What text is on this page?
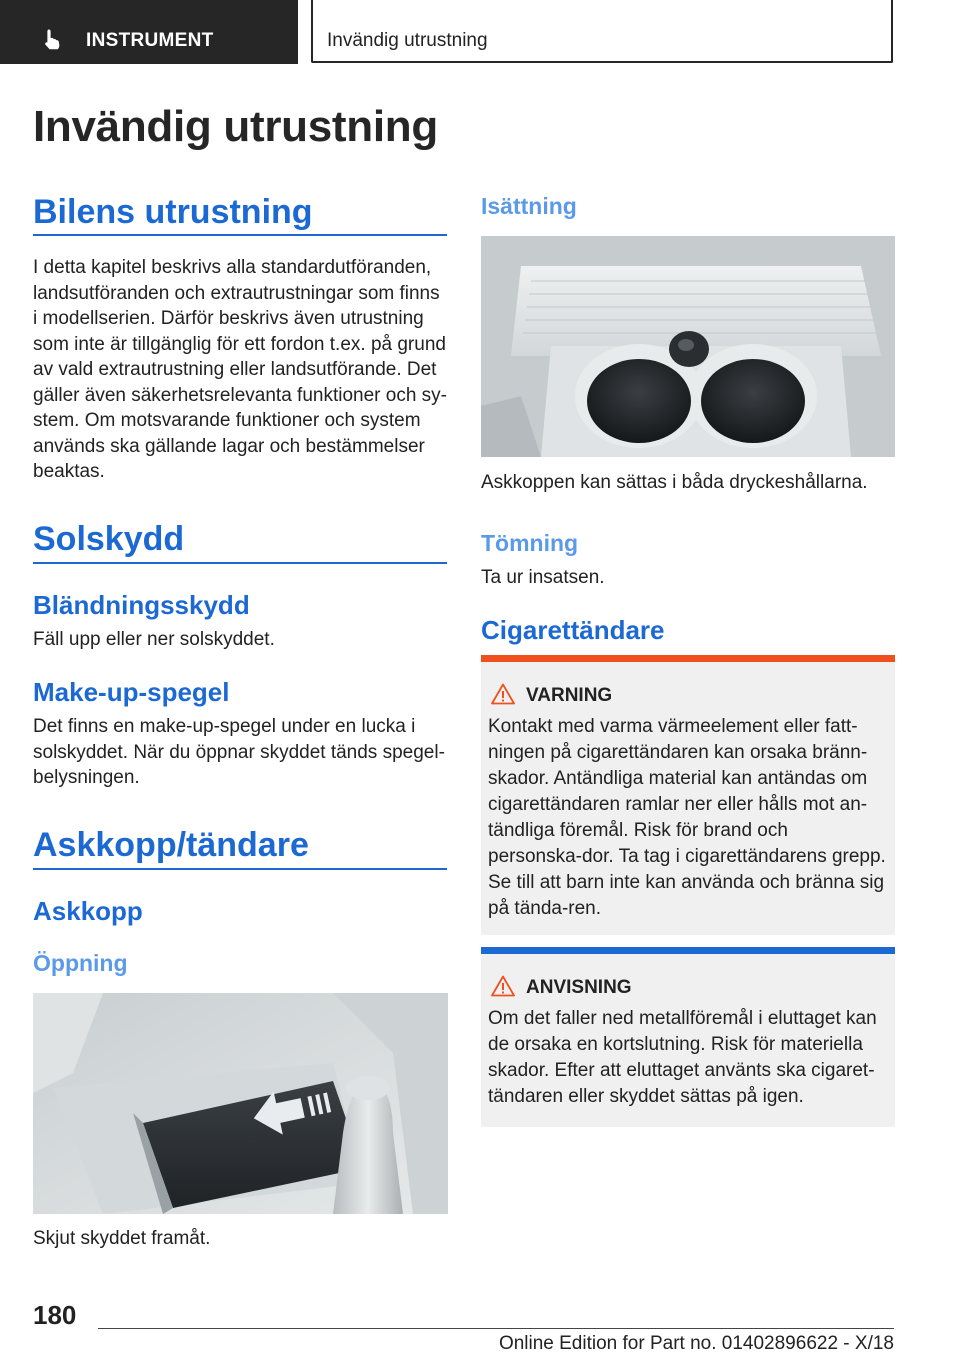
INSTRUMENT	Invändig utrustning
Invändig utrustning
Bilens utrustning

I detta kapitel beskrivs alla standardutföranden, landsutföranden och extrautrustningar som finns i modellserien. Därför beskrivs även utrustning som inte är tillgänglig för ett fordon t.ex. på grund av vald extrautrustning eller landsutförande. Det gäller även säkerhetsrelevanta funktioner och sy-stem. Om motsvarande funktioner och system används ska gällande lagar och bestämmelser beaktas.

Solskydd
Bländningsskydd

Fäll upp eller ner solskyddet.

Make-up-spegel

Det finns en make-up-spegel under en lucka i solskyddet. När du öppnar skyddet tänds spegel-belysningen.

Askkopp/tändare
Askkopp
Öppning

Skjut skyddet framåt.

Isättning

Askkoppen kan sättas i båda dryckeshållarna.

Tömning

Ta ur insatsen.

Cigarettändare
VARNING
Kontakt med varma värmeelement eller fatt-ningen på cigarettändaren kan orsaka bränn-skador. Antändliga material kan antändas om cigarettändaren ramlar ner eller hålls mot an-tändliga föremål. Risk för brand och personska-dor. Ta tag i cigarettändarens grepp. Se till att barn inte kan använda och bränna sig på tända-ren.
ANVISNING
Om det faller ned metallföremål i eluttaget kan de orsaka en kortslutning. Risk för materiella skador. Efter att eluttaget använts ska cigaret-tändaren eller skyddet sättas på igen.
180
Online Edition for Part no. 01402896622 - X/18
